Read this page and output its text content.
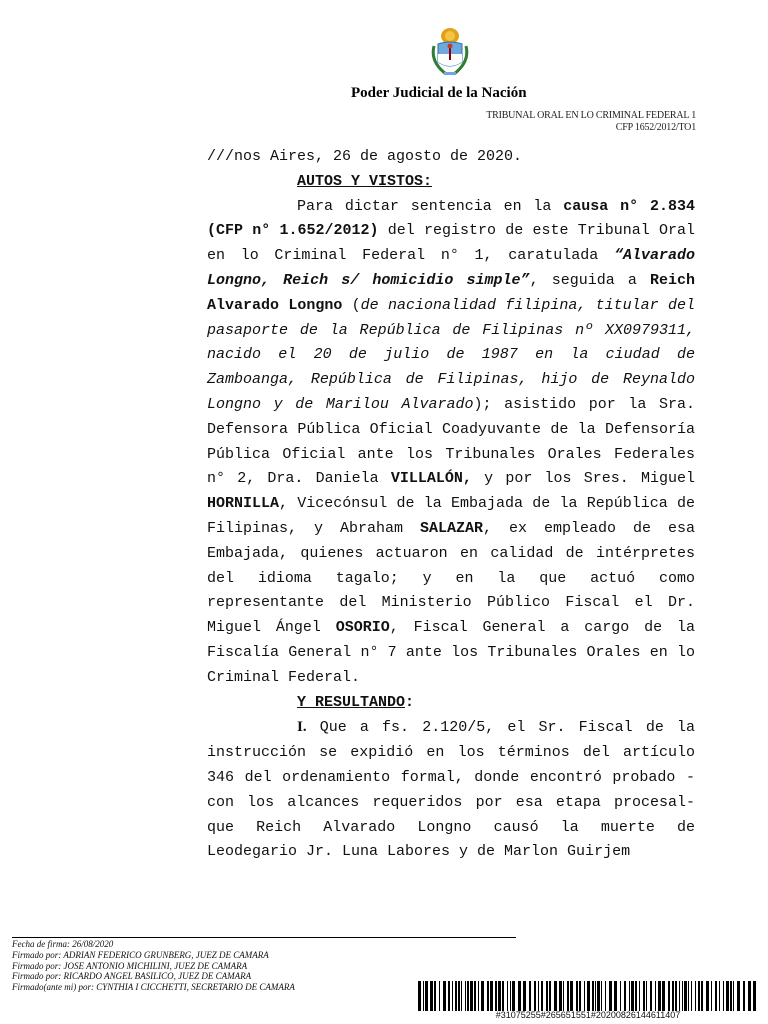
Poder Judicial de la Nación
TRIBUNAL ORAL EN LO CRIMINAL FEDERAL 1
CFP 1652/2012/TO1

///nos Aires, 26 de agosto de 2020.

AUTOS Y VISTOS:

Para dictar sentencia en la causa n° 2.834 (CFP n° 1.652/2012) del registro de este Tribunal Oral en lo Criminal Federal n° 1, caratulada “Alvarado Longno, Reich s/ homicidio simple”, seguida a Reich Alvarado Longno (de nacionalidad filipina, titular del pasaporte de la República de Filipinas nº XX0979311, nacido el 20 de julio de 1987 en la ciudad de Zamboanga, República de Filipinas, hijo de Reynaldo Longno y de Marilou Alvarado); asistido por la Sra. Defensora Pública Oficial Coadyuvante de la Defensoría Pública Oficial ante los Tribunales Orales Federales n° 2, Dra. Daniela VILLALÓN, y por los Sres. Miguel HORNILLA, Vicecónsul de la Embajada de la República de Filipinas, y Abraham SALAZAR, ex empleado de esa Embajada, quienes actuaron en calidad de intérpretes del idioma tagalo; y en la que actuó como representante del Ministerio Público Fiscal el Dr. Miguel Ángel OSORIO, Fiscal General a cargo de la Fiscalía General n° 7 ante los Tribunales Orales en lo Criminal Federal.

Y RESULTANDO:

I. Que a fs. 2.120/5, el Sr. Fiscal de la instrucción se expidió en los términos del artículo 346 del ordenamiento formal, donde encontró probado -con los alcances requeridos por esa etapa procesal- que Reich Alvarado Longno causó la muerte de Leodegario Jr. Luna Labores y de Marlon Guirjem

Fecha de firma: 26/08/2020
Firmado por: ADRIAN FEDERICO GRUNBERG, JUEZ DE CAMARA
Firmado por: JOSE ANTONIO MICHILINI, JUEZ DE CAMARA
Firmado por: RICARDO ANGEL BASILICO, JUEZ DE CAMARA
Firmado(ante mi) por: CYNTHIA I CICCHETTI, SECRETARIO DE CAMARA
#31075255#265651551#20200826144611407
